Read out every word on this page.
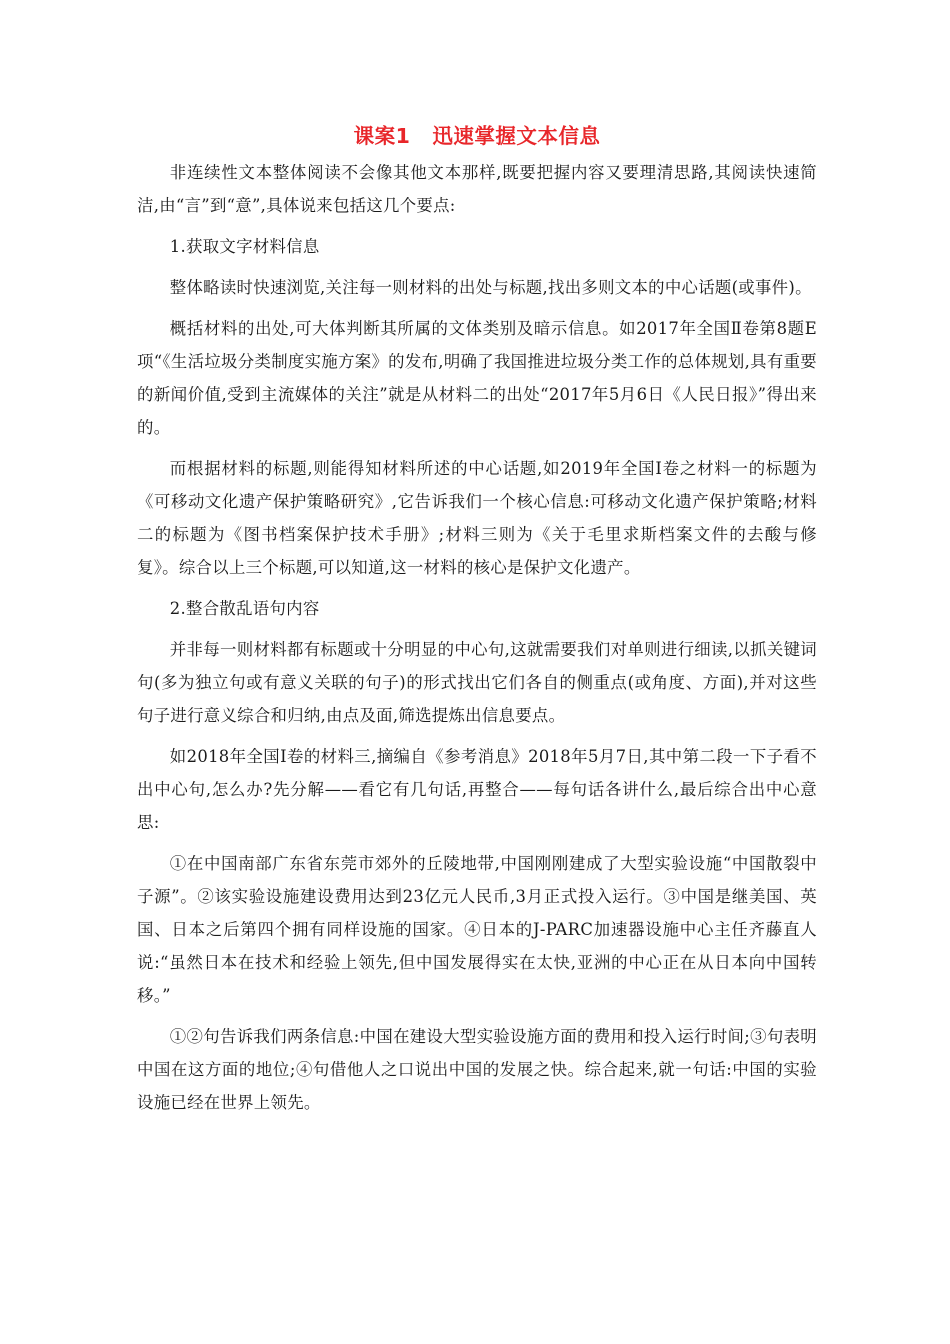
课案1 迅速掌握文本信息

非连续性文本整体阅读不会像其他文本那样,既要把握内容又要理清思路,其阅读快速简洁,由“言”到“意”,具体说来包括这几个要点:

1.获取文字材料信息

整体略读时快速浏览,关注每一则材料的出处与标题,找出多则文本的中心话题(或事件)。

概括材料的出处,可大体判断其所属的文体类别及暗示信息。如2017年全国Ⅱ卷第8题E项“《生活垃圾分类制度实施方案》的发布,明确了我国推进垃圾分类工作的总体规划,具有重要的新闻价值,受到主流媒体的关注”就是从材料二的出处“2017年5月6日《人民日报》”得出来的。

而根据材料的标题,则能得知材料所述的中心话题,如2019年全国Ⅰ卷之材料一的标题为《可移动文化遗产保护策略研究》,它告诉我们一个核心信息:可移动文化遗产保护策略;材料二的标题为《图书档案保护技术手册》;材料三则为《关于毛里求斯档案文件的去酸与修复》。综合以上三个标题,可以知道,这一材料的核心是保护文化遗产。

2.整合散乱语句内容

并非每一则材料都有标题或十分明显的中心句,这就需要我们对单则进行细读,以抓关键词句(多为独立句或有意义关联的句子)的形式找出它们各自的侧重点(或角度、方面),并对这些句子进行意义综合和归纳,由点及面,筛选提炼出信息要点。

如2018年全国Ⅰ卷的材料三,摘编自《参考消息》2018年5月7日,其中第二段一下子看不出中心句,怎么办?先分解——看它有几句话,再整合——每句话各讲什么,最后综合出中心意思:

①在中国南部广东省东莞市郊外的丘陵地带,中国刚刚建成了大型实验设施“中国散裂中子源”。②该实验设施建设费用达到23亿元人民币,3月正式投入运行。③中国是继美国、英国、日本之后第四个拥有同样设施的国家。④日本的J-PARC加速器设施中心主任齐藤直人说:“虽然日本在技术和经验上领先,但中国发展得实在太快,亚洲的中心正在从日本向中国转移。”

①②句告诉我们两条信息:中国在建设大型实验设施方面的费用和投入运行时间;③句表明中国在这方面的地位;④句借他人之口说出中国的发展之快。综合起来,就一句话:中国的实验设施已经在世界上领先。
